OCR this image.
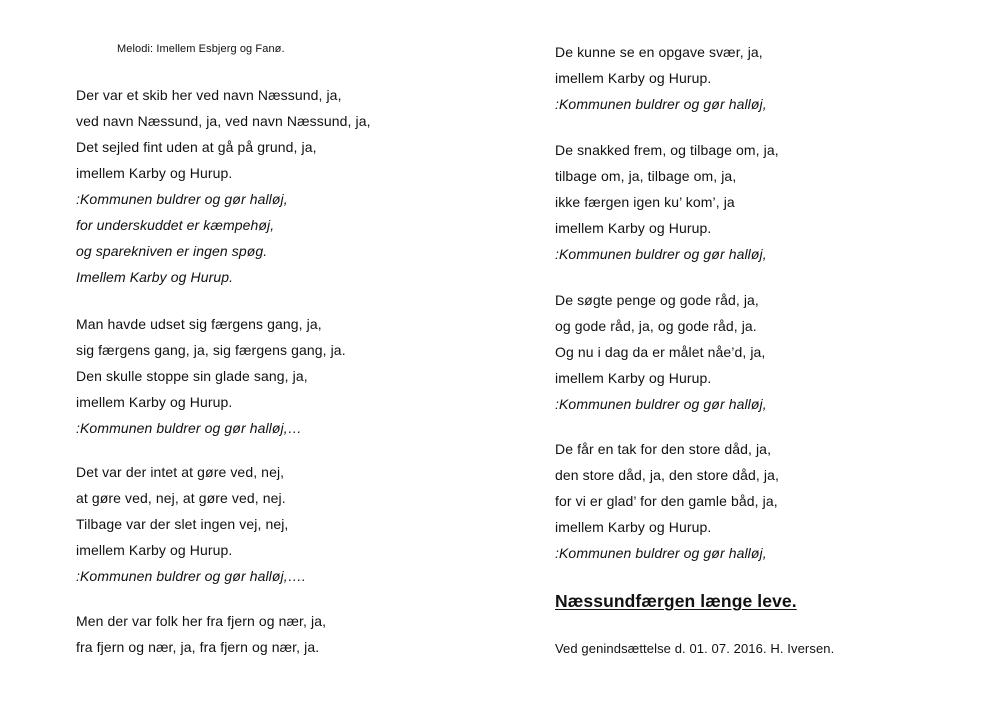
Melodi: Imellem Esbjerg og Fanø.
Der var et skib her ved navn Næssund, ja,
ved navn Næssund, ja, ved navn Næssund, ja,
Det sejled fint uden at gå på grund, ja,
imellem Karby og Hurup.
:Kommunen buldrer og gør halløj,
for underskuddet er kæmpehøj,
og sparekniven er ingen spøg.
Imellem Karby og Hurup.
Man havde udset sig færgens gang, ja,
sig færgens gang, ja, sig færgens gang, ja.
Den skulle stoppe sin glade sang, ja,
imellem Karby og Hurup.
:Kommunen buldrer og gør halløj,…
Det var der intet at gøre ved, nej,
at gøre ved, nej, at gøre ved, nej.
Tilbage var der slet ingen vej, nej,
imellem Karby og Hurup.
:Kommunen buldrer og gør halløj,….
Men der var folk her fra fjern og nær, ja,
fra fjern og nær, ja, fra fjern og nær, ja.
De kunne se en opgave svær, ja,
imellem Karby og Hurup.
:Kommunen buldrer og gør halløj,
De snakked frem, og tilbage om, ja,
tilbage om, ja, tilbage om, ja,
ikke færgen igen ku’ kom’, ja
imellem Karby og Hurup.
:Kommunen buldrer og gør halløj,
De søgte penge og gode råd, ja,
og gode råd, ja, og gode råd, ja.
Og nu i dag da er målet nåe’d, ja,
imellem Karby og Hurup.
:Kommunen buldrer og gør halløj,
De får en tak for den store dåd, ja,
den store dåd, ja, den store dåd, ja,
for vi er glad’ for den gamle båd, ja,
imellem Karby og Hurup.
:Kommunen buldrer og gør halløj,
Næssundfærgen længe leve.
Ved genindsættelse d. 01. 07. 2016. H. Iversen.
